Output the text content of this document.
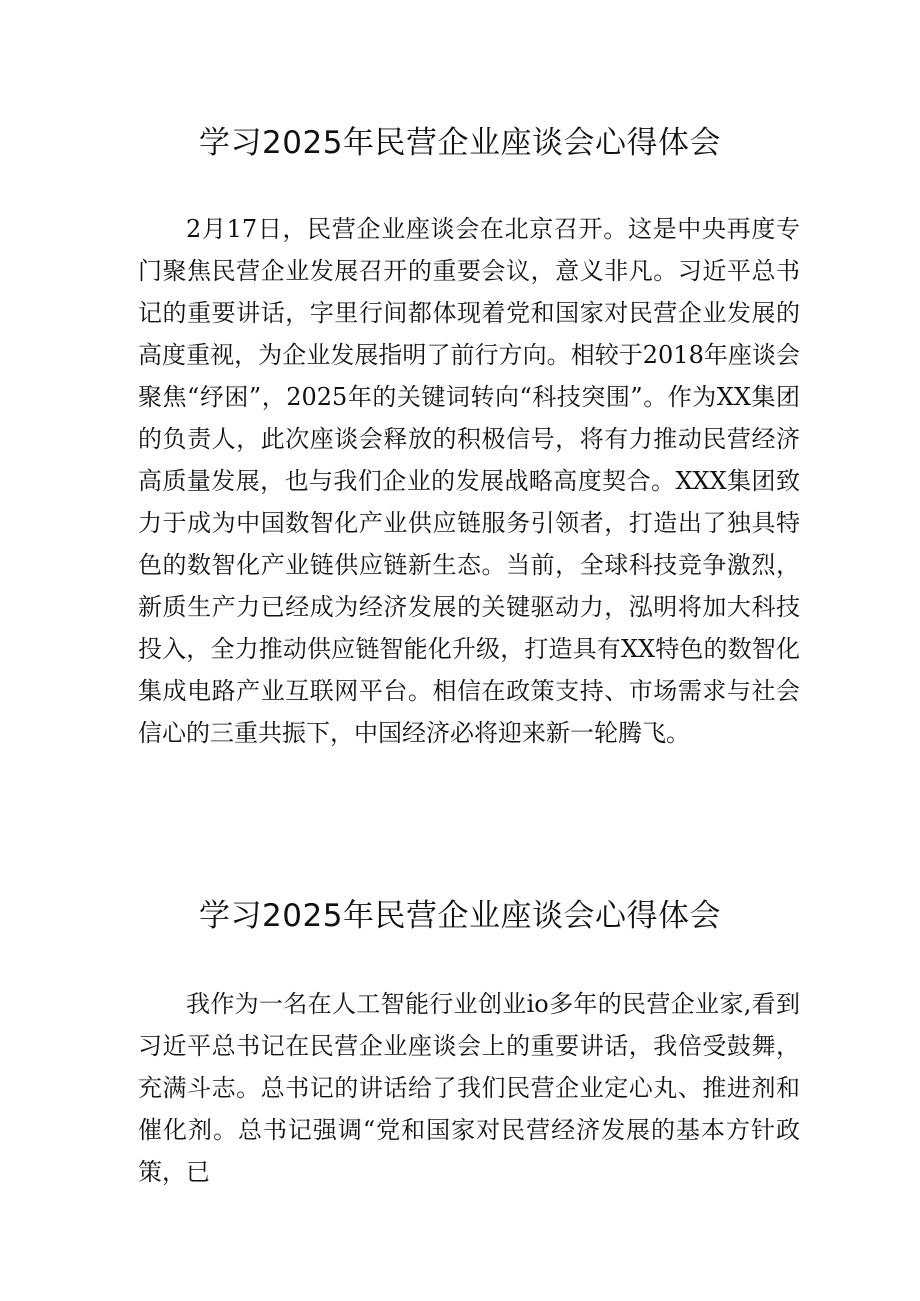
学习2025年民营企业座谈会心得体会

2月17日，民营企业座谈会在北京召开。这是中央再度专门聚焦民营企业发展召开的重要会议，意义非凡。习近平总书记的重要讲话，字里行间都体现着党和国家对民营企业发展的高度重视，为企业发展指明了前行方向。相较于2018年座谈会聚焦“纾困”，2025年的关键词转向“科技突围”。作为XX集团的负责人，此次座谈会释放的积极信号，将有力推动民营经济高质量发展，也与我们企业的发展战略高度契合。XXX集团致力于成为中国数智化产业供应链服务引领者，打造出了独具特色的数智化产业链供应链新生态。当前，全球科技竞争激烈，新质生产力已经成为经济发展的关键驱动力，泓明将加大科技投入，全力推动供应链智能化升级，打造具有XX特色的数智化集成电路产业互联网平台。相信在政策支持、市场需求与社会信心的三重共振下，中国经济必将迎来新一轮腾飞。

学习2025年民营企业座谈会心得体会

我作为一名在人工智能行业创业io多年的民营企业家,看到习近平总书记在民营企业座谈会上的重要讲话，我倍受鼓舞，充满斗志。总书记的讲话给了我们民营企业定心丸、推进剂和催化剂。总书记强调“党和国家对民营经济发展的基本方针政策，已
